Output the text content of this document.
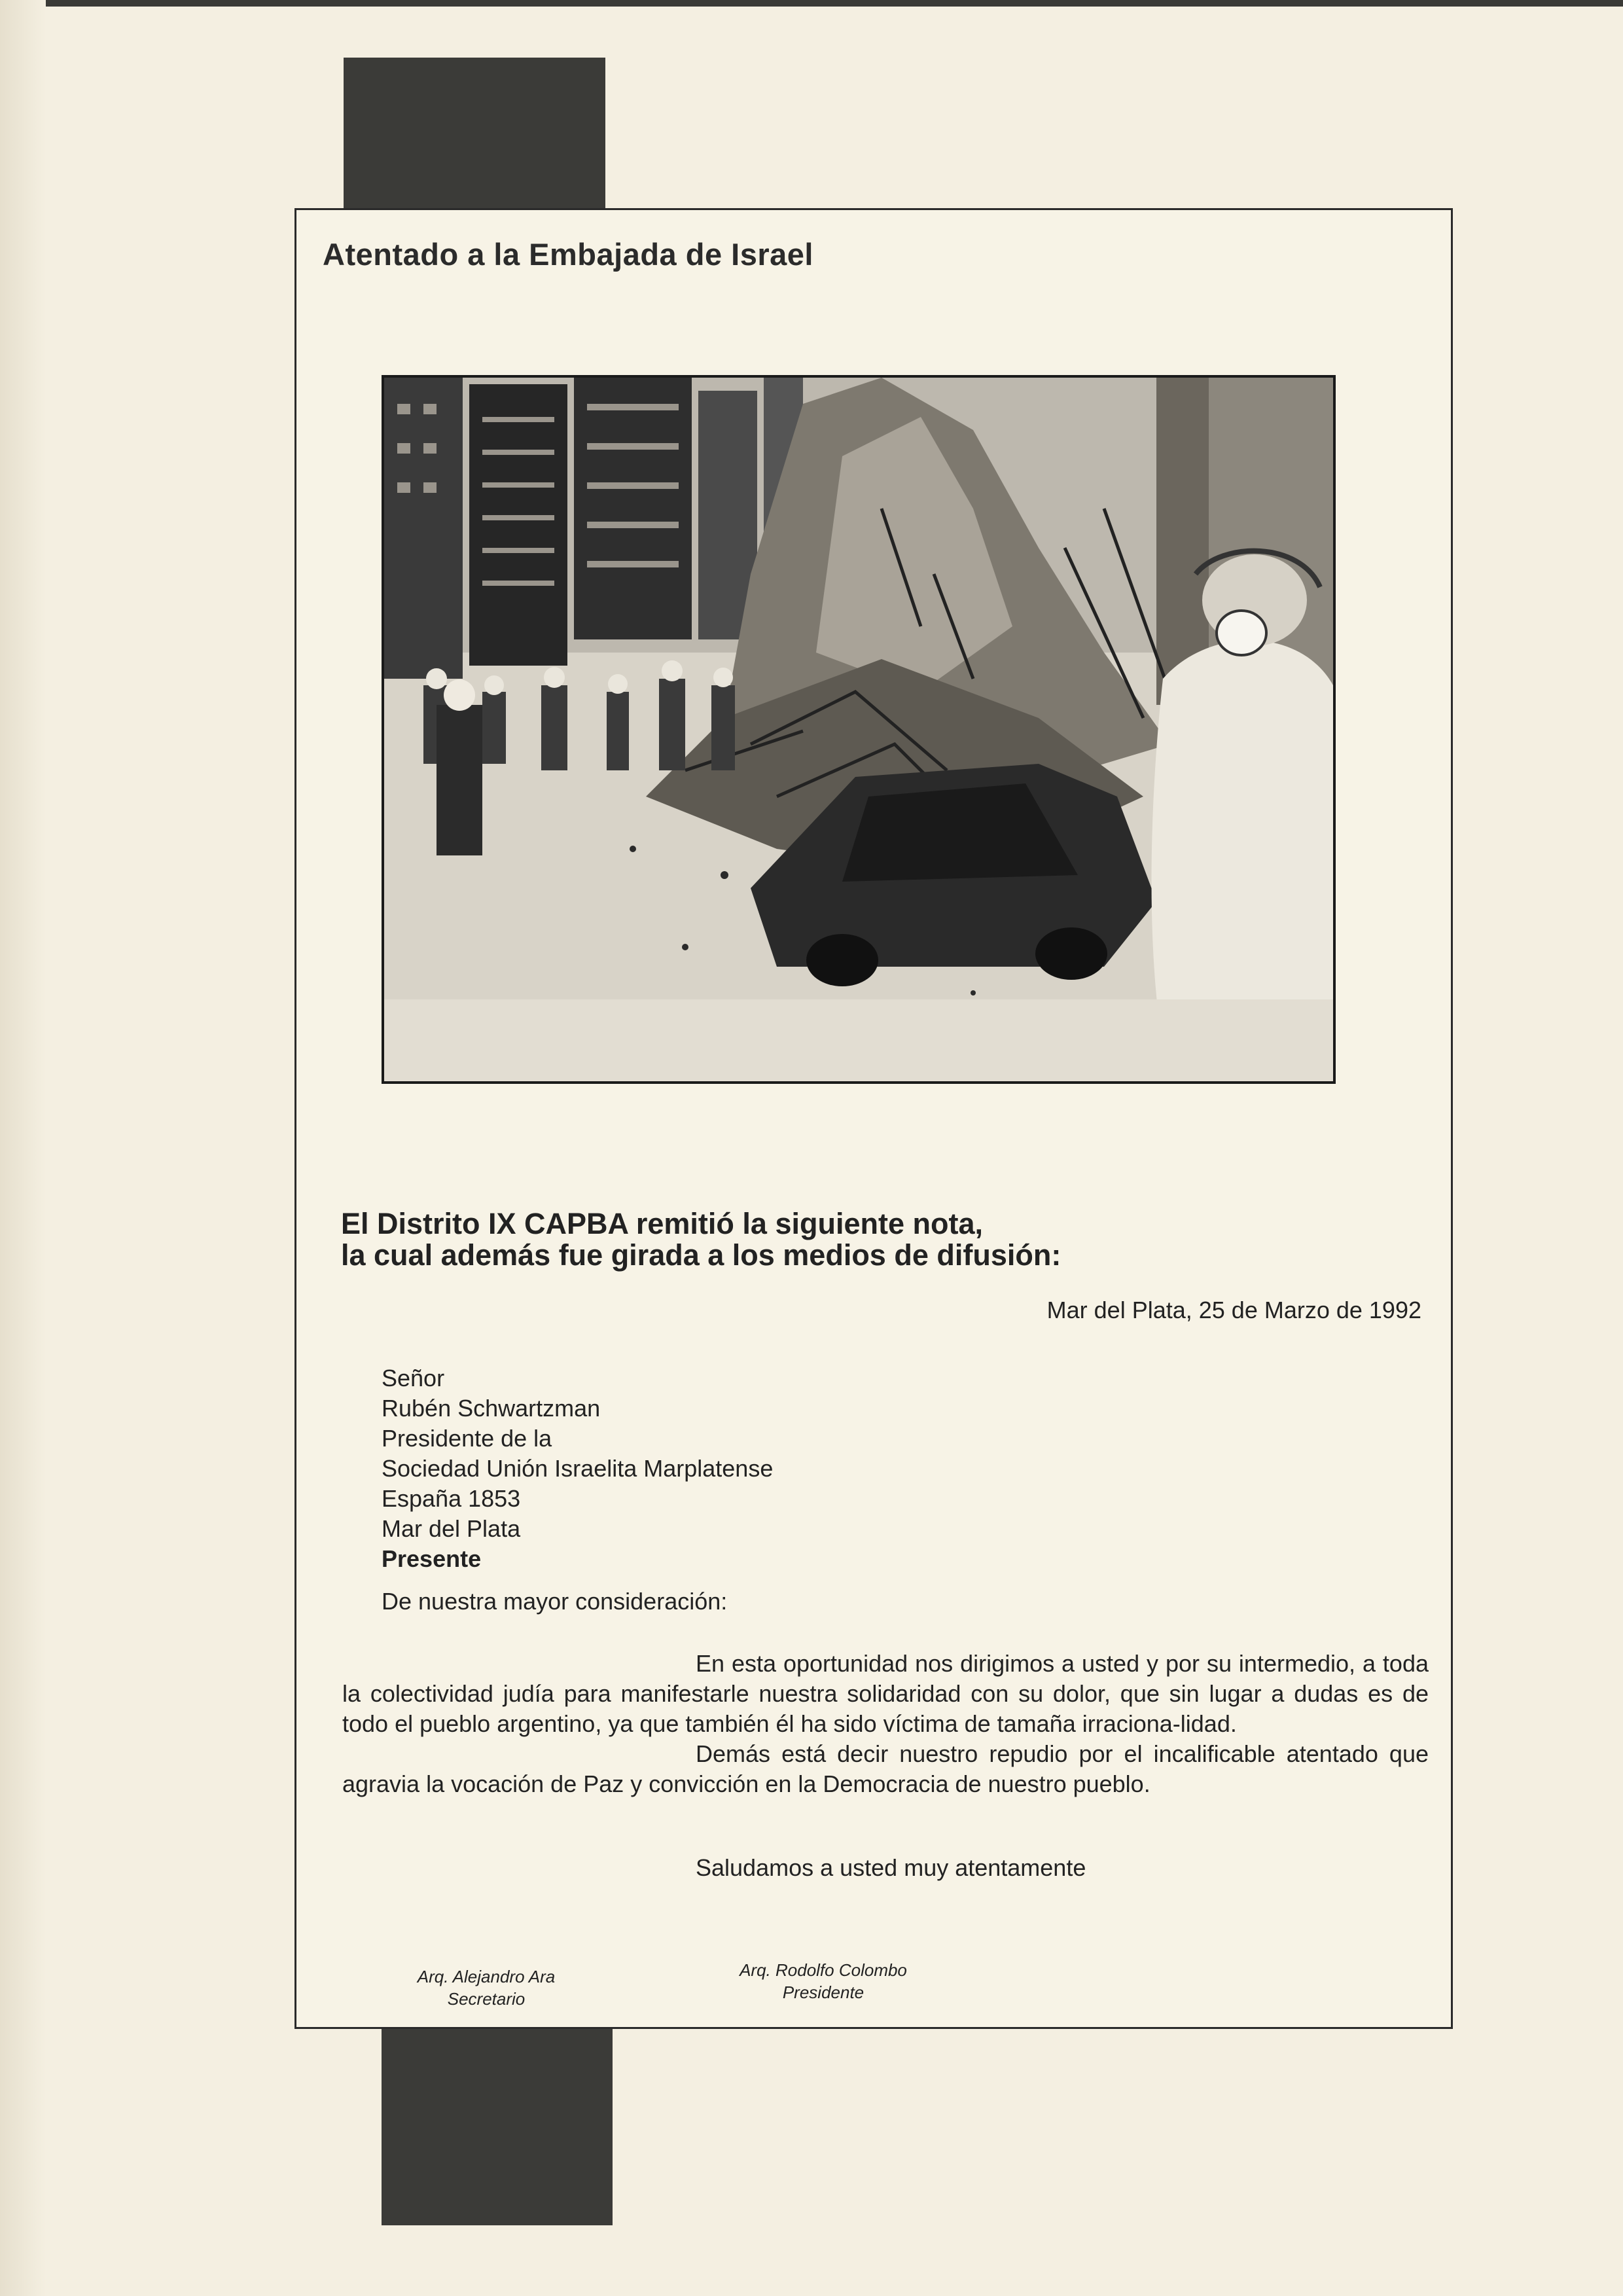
Atentado a la Embajada de Israel
El Distrito IX CAPBA remitió la siguiente nota,
la cual además fue girada a los medios de difusión:
Mar del Plata, 25 de Marzo de 1992
Señor
Rubén Schwartzman
Presidente de la
Sociedad Unión Israelita Marplatense
España 1853
Mar del Plata
Presente
De nuestra mayor consideración:

En esta oportunidad nos dirigimos a usted y por su intermedio, a toda la colectividad judía para manifestarle nuestra solidaridad con su dolor, que sin lugar a dudas es de todo el pueblo argentino, ya que también él ha sido víctima de tamaña irraciona-lidad.

Demás está decir nuestro repudio por el incalificable atentado que agravia la vocación de Paz y convicción en la Democracia de nuestro pueblo.

Saludamos a usted muy atentamente
Arq. Alejandro Ara
Secretario
Arq. Rodolfo Colombo
Presidente
